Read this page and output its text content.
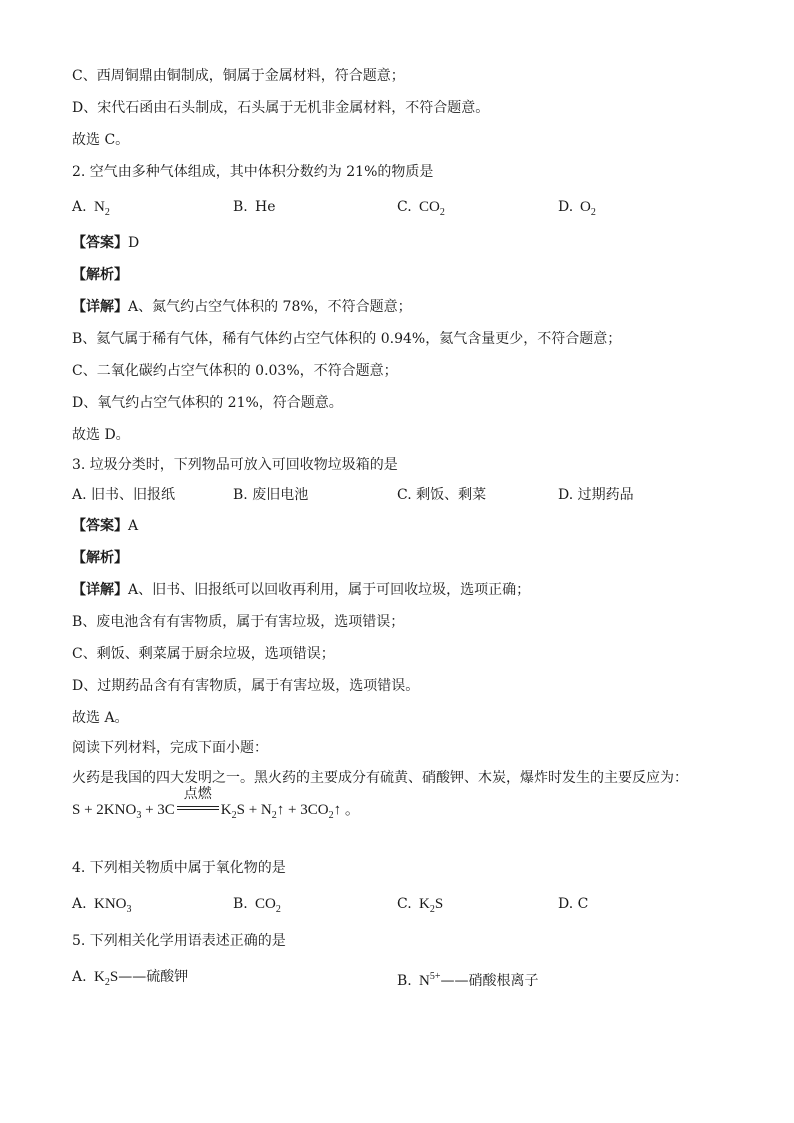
C、西周铜鼎由铜制成，铜属于金属材料，符合题意；
D、宋代石函由石头制成，石头属于无机非金属材料，不符合题意。
故选 C。
2. 空气由多种气体组成，其中体积分数约为 21%的物质是
A. $N_2$	B. He	C. $CO_2$	D. $O_2$
【答案】D
【解析】
【详解】A、氮气约占空气体积的 78%，不符合题意；
B、氦气属于稀有气体，稀有气体约占空气体积的 0.94%，氦气含量更少，不符合题意；
C、二氧化碳约占空气体积的 0.03%，不符合题意；
D、氧气约占空气体积的 21%，符合题意。
故选 D。
3. 垃圾分类时，下列物品可放入可回收物垃圾箱的是
A. 旧书、旧报纸	B. 废旧电池	C. 剩饭、剩菜	D. 过期药品
【答案】A
【解析】
【详解】A、旧书、旧报纸可以回收再利用，属于可回收垃圾，选项正确；
B、废电池含有有害物质，属于有害垃圾，选项错误；
C、剩饭、剩菜属于厨余垃圾，选项错误；
D、过期药品含有有害物质，属于有害垃圾，选项错误。
故选 A。
阅读下列材料，完成下面小题：
火药是我国的四大发明之一。黑火药的主要成分有硫黄、硝酸钾、木炭，爆炸时发生的主要反应为：
$S + 2KNO_3 + 3C$
点燃
$K_2S$ + $N_2↑$ + $3CO_2↑$ 。
4. 下列相关物质中属于氧化物的是
A. $KNO_3$	B. $CO_2$	C. $K_2S$	D. C
5. 下列相关化学用语表述正确的是
A. $K_2S——$硫酸钾	B. $N^{5+}——$硝酸根离子
